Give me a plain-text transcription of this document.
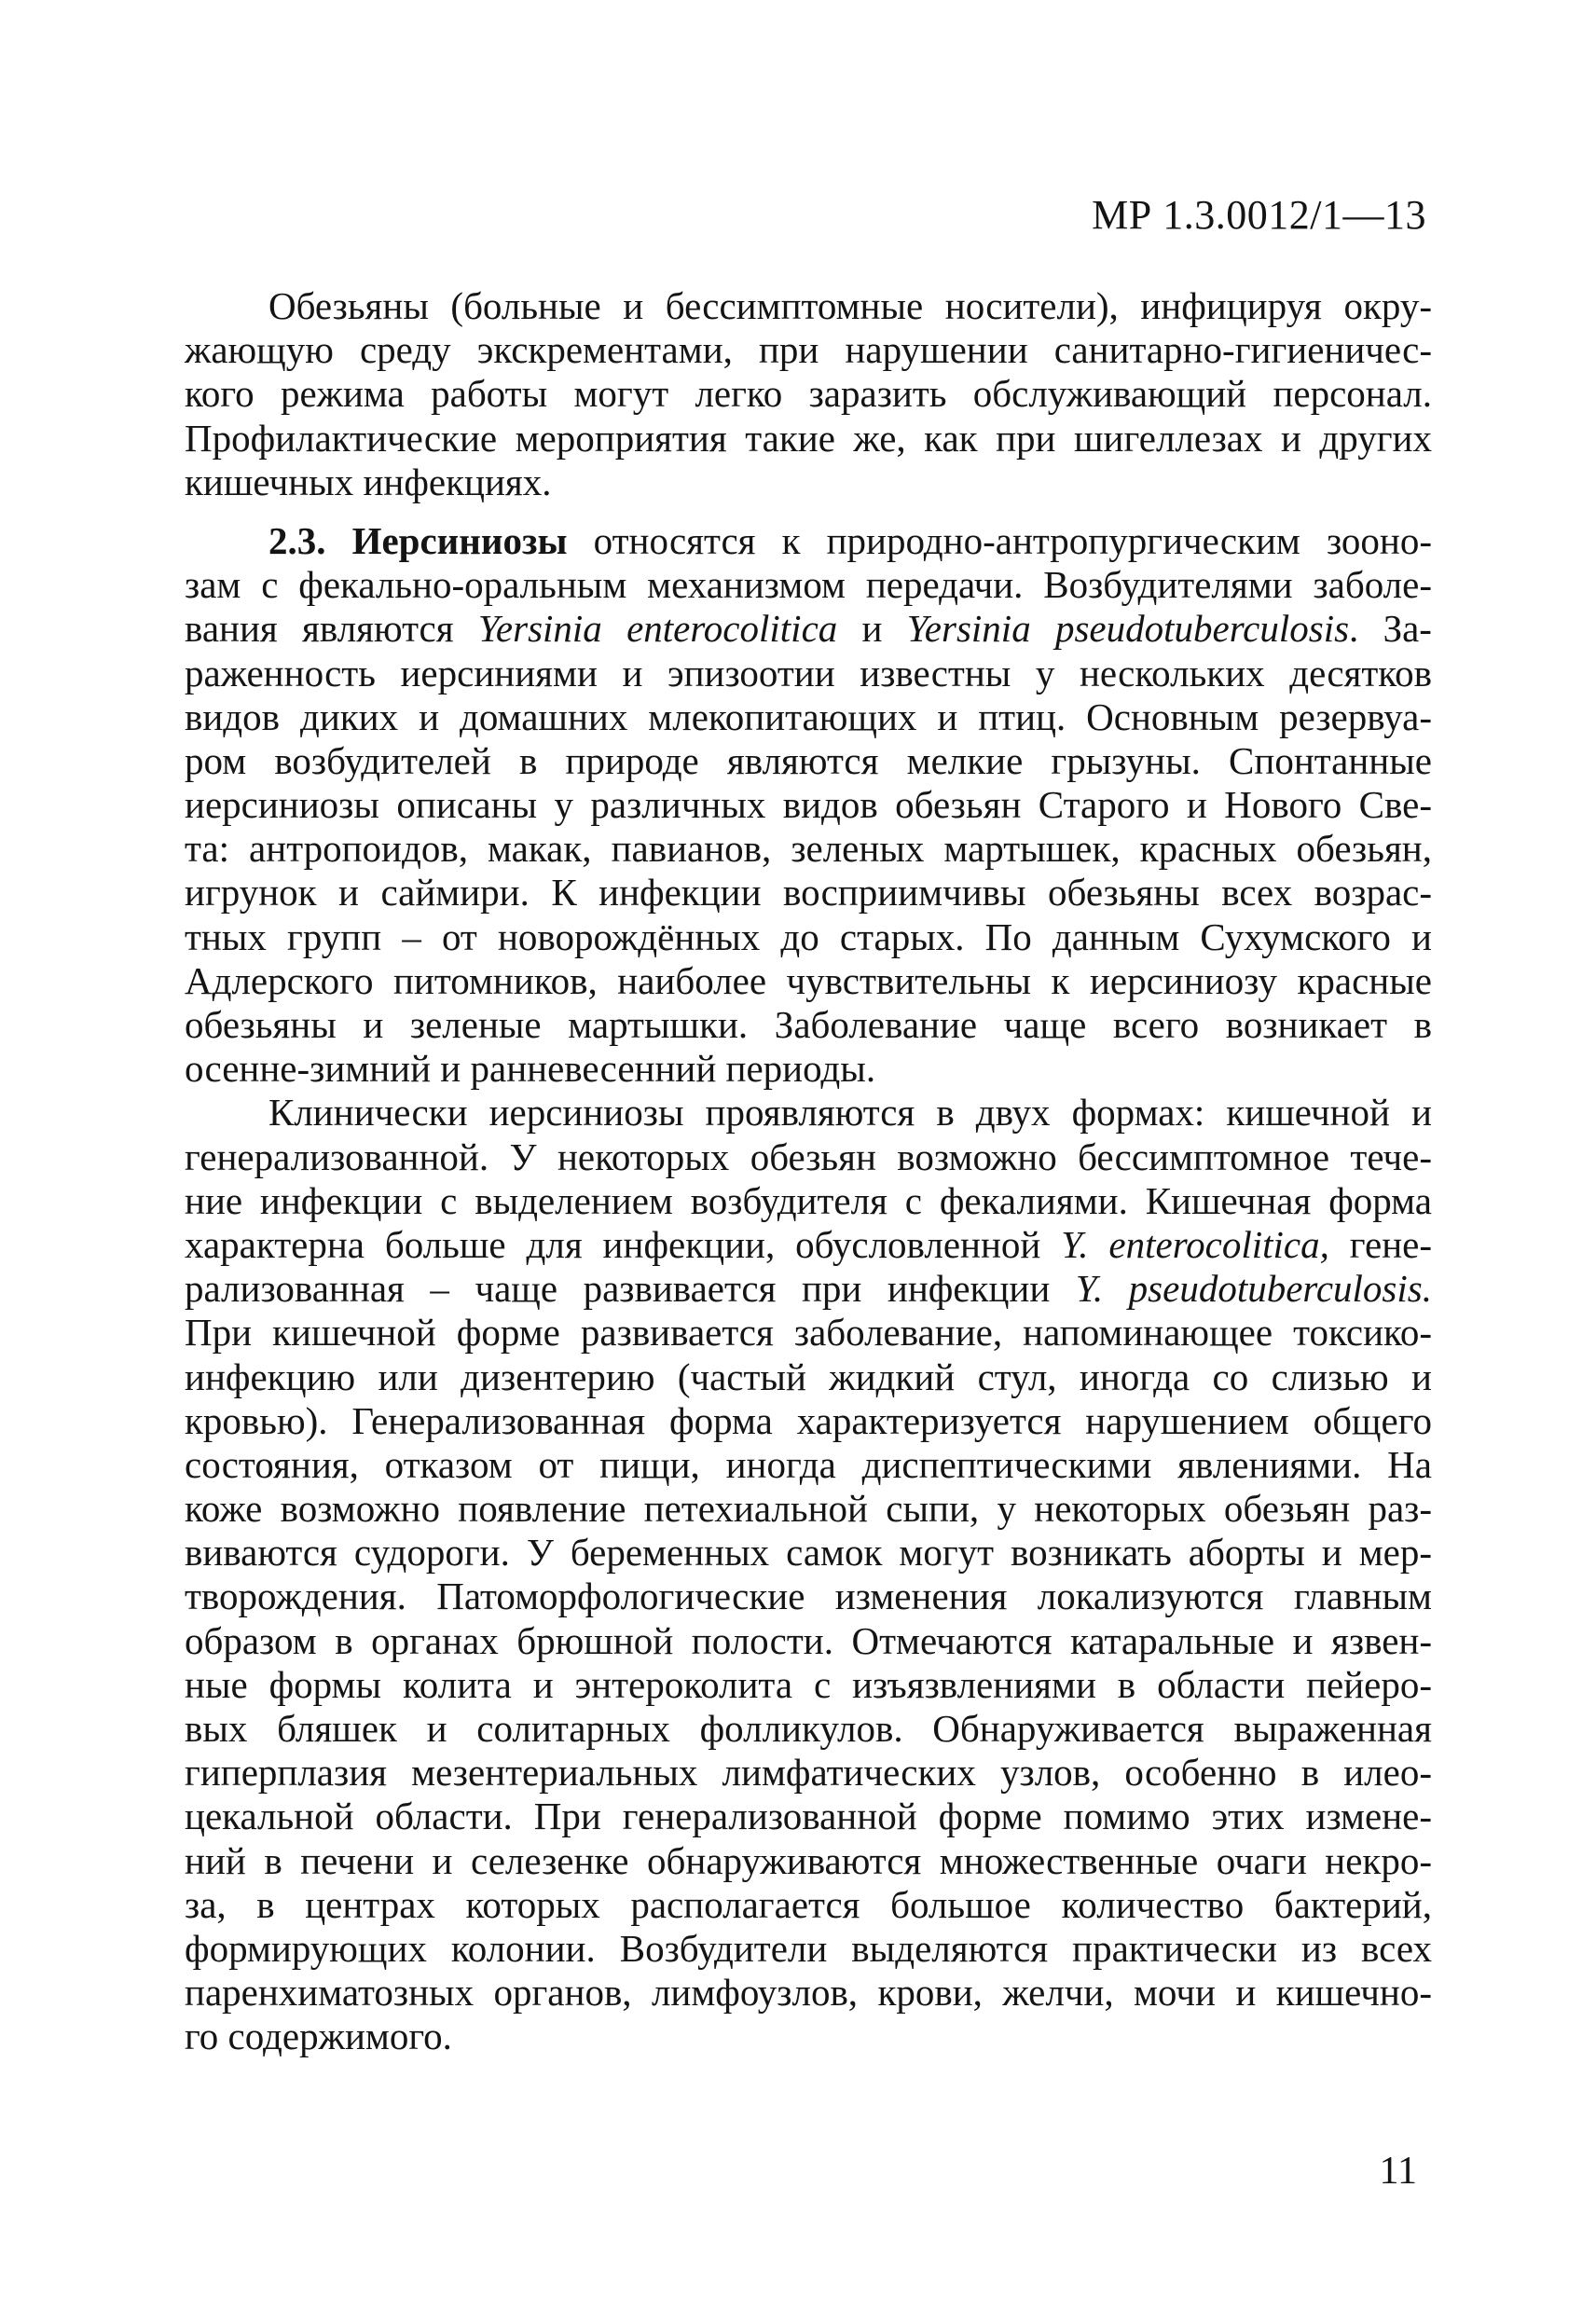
МР 1.3.0012/1—13
Обезьяны (больные и бессимптомные носители), инфицируя окру-
жающую среду экскрементами, при нарушении санитарно-гигиеничес-
кого режима работы могут легко заразить обслуживающий персонал.
Профилактические мероприятия такие же, как при шигеллезах и других
кишечных инфекциях.
2.3. Иерсиниозы относятся к природно-антропургическим зооно-
зам с фекально-оральным механизмом передачи. Возбудителями заболе-
вания являются Yersinia enterocolitica и Yersinia pseudotuberculosis. За-
раженность иерсиниями и эпизоотии известны у нескольких десятков
видов диких и домашних млекопитающих и птиц. Основным резервуа-
ром возбудителей в природе являются мелкие грызуны. Спонтанные
иерсиниозы описаны у различных видов обезьян Старого и Нового Све-
та: антропоидов, макак, павианов, зеленых мартышек, красных обезьян,
игрунок и саймири. К инфекции восприимчивы обезьяны всех возрас-
тных групп – от новорождённых до старых. По данным Сухумского и
Адлерского питомников, наиболее чувствительны к иерсиниозу красные
обезьяны и зеленые мартышки. Заболевание чаще всего возникает в
осенне-зимний и ранневесенний периоды.
Клинически иерсиниозы проявляются в двух формах: кишечной и
генерализованной. У некоторых обезьян возможно бессимптомное тече-
ние инфекции с выделением возбудителя с фекалиями. Кишечная форма
характерна больше для инфекции, обусловленной Y. enterocolitica, гене-
рализованная – чаще развивается при инфекции Y. pseudotuberculosis.
При кишечной форме развивается заболевание, напоминающее токсико-
инфекцию или дизентерию (частый жидкий стул, иногда со слизью и
кровью). Генерализованная форма характеризуется нарушением общего
состояния, отказом от пищи, иногда диспептическими явлениями. На
коже возможно появление петехиальной сыпи, у некоторых обезьян раз-
виваются судороги. У беременных самок могут возникать аборты и мер-
творождения. Патоморфологические изменения локализуются главным
образом в органах брюшной полости. Отмечаются катаральные и язвен-
ные формы колита и энтероколита с изъязвлениями в области пейеро-
вых бляшек и солитарных фолликулов. Обнаруживается выраженная
гиперплазия мезентериальных лимфатических узлов, особенно в илео-
цекальной области. При генерализованной форме помимо этих измене-
ний в печени и селезенке обнаруживаются множественные очаги некро-
за, в центрах которых располагается большое количество бактерий,
формирующих колонии. Возбудители выделяются практически из всех
паренхиматозных органов, лимфоузлов, крови, желчи, мочи и кишечно-
го содержимого.
11
